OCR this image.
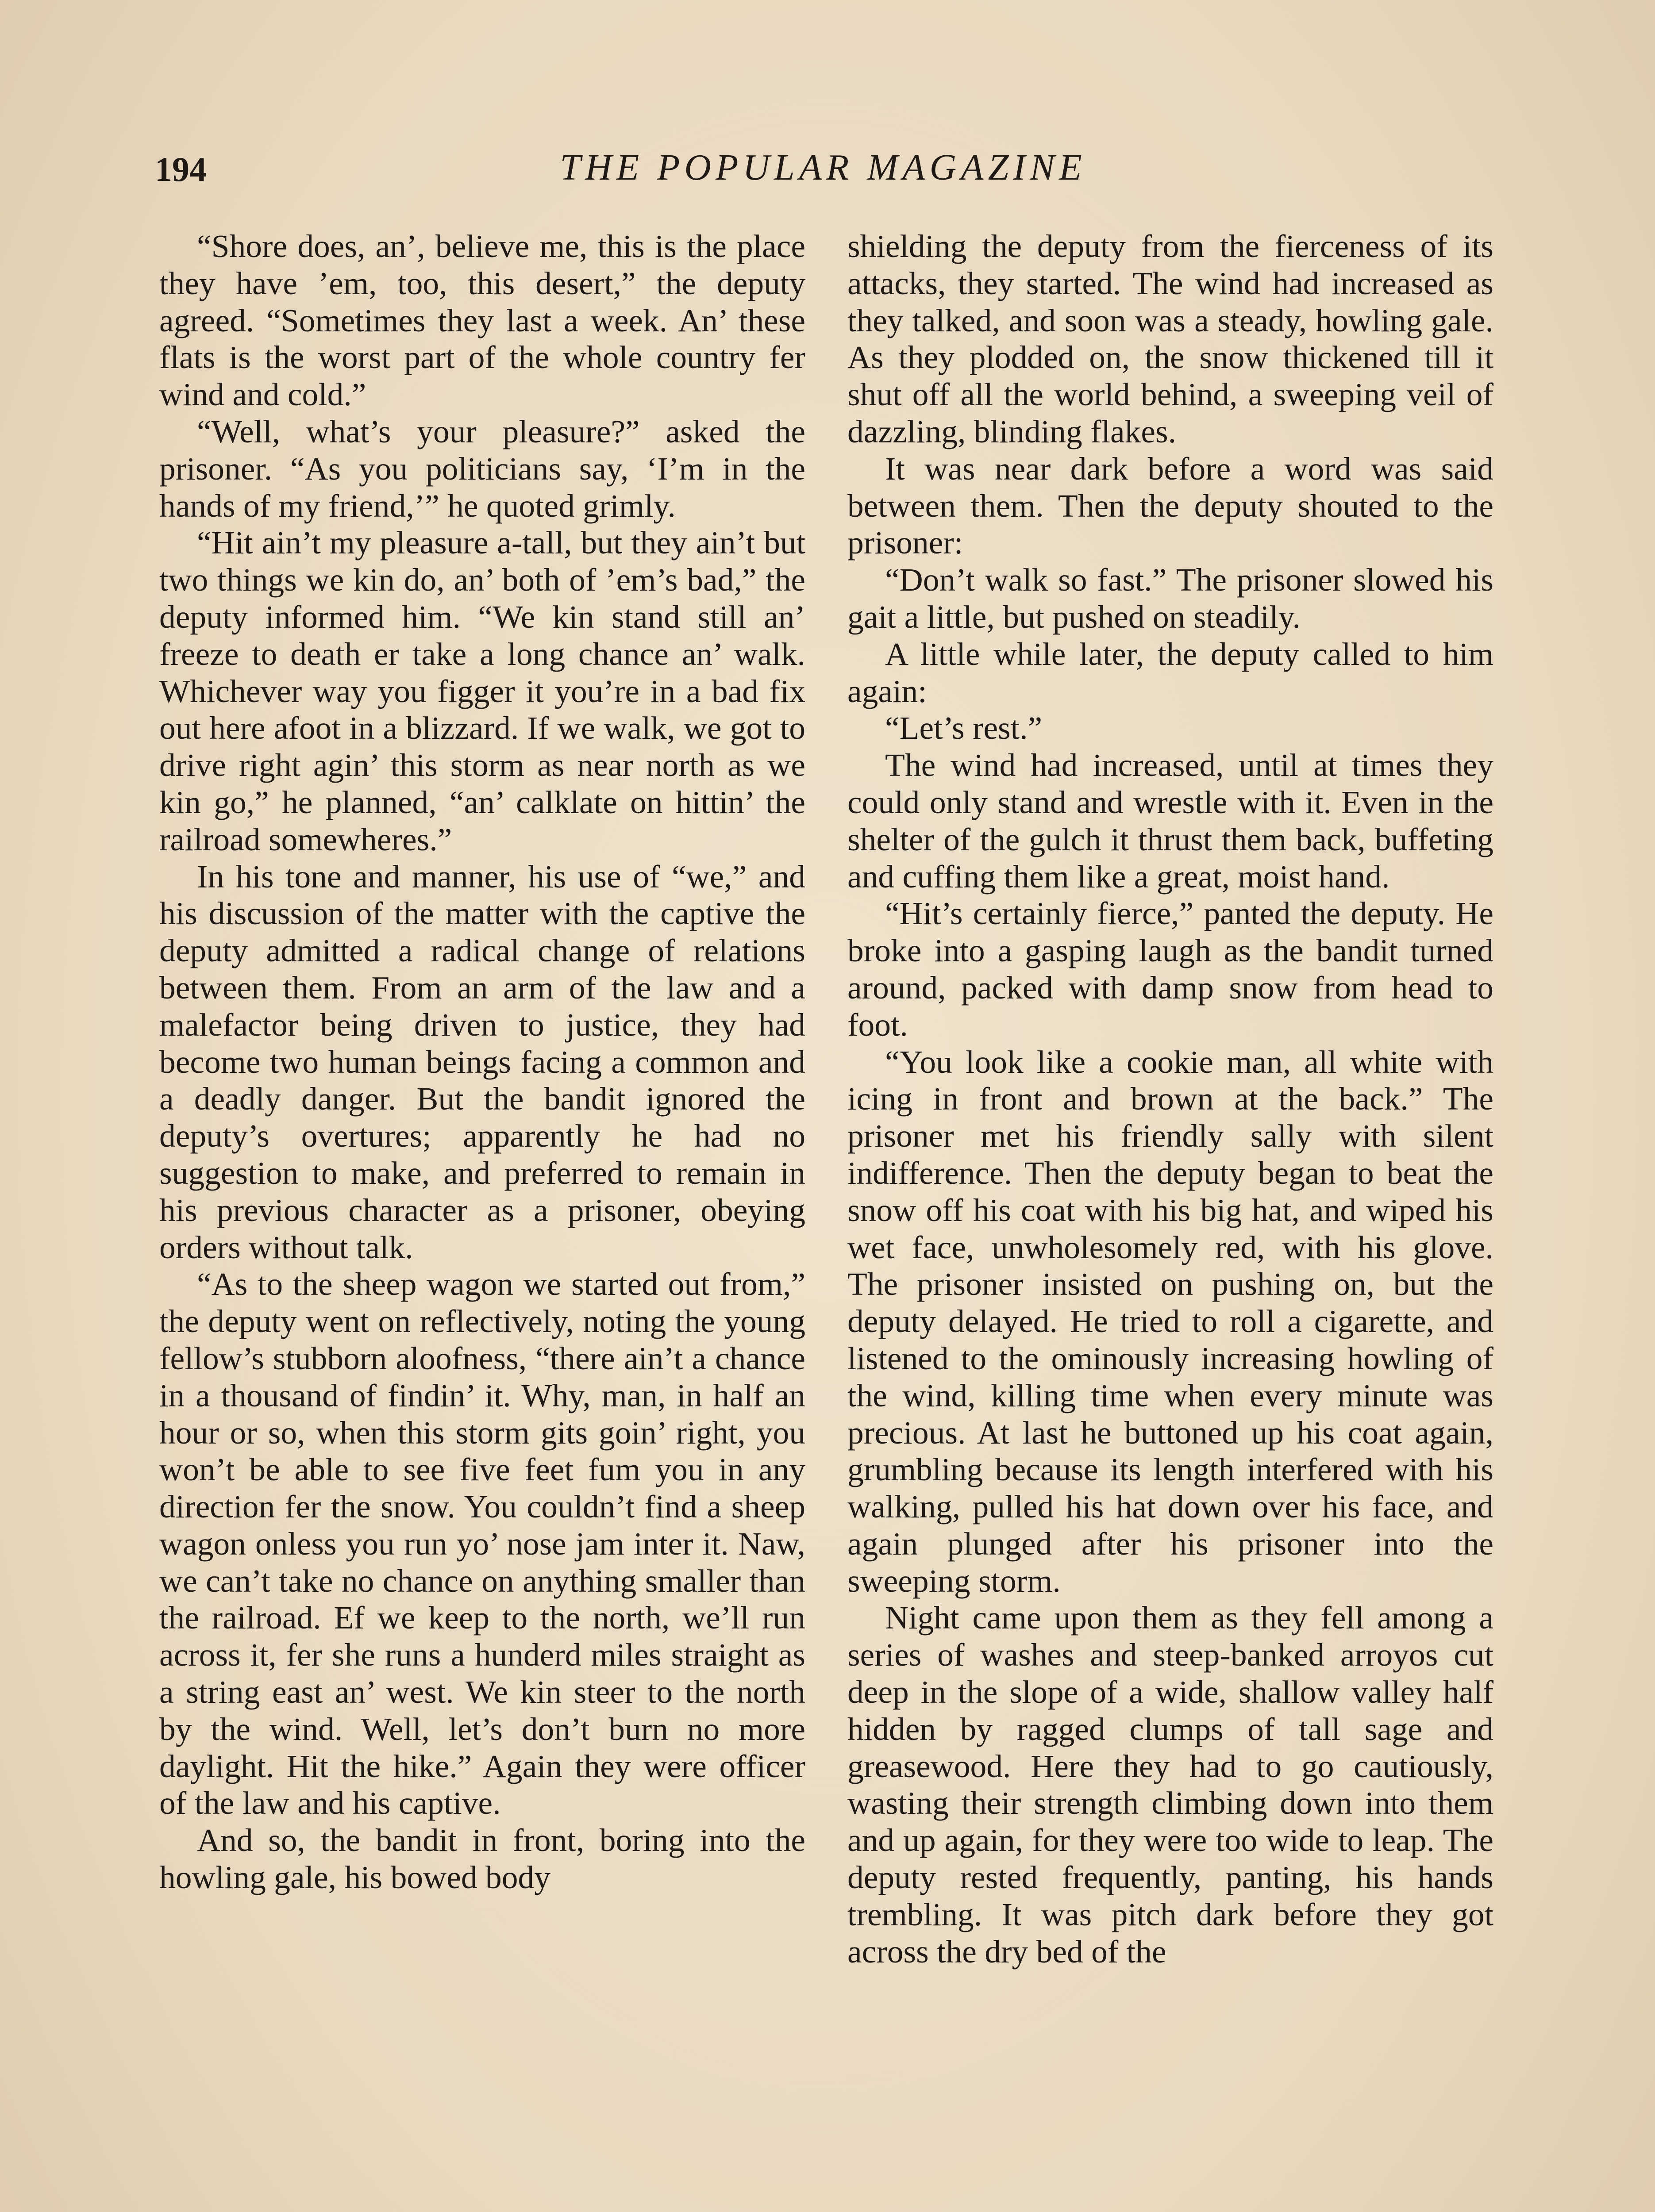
194	THE POPULAR MAGAZINE

“Shore does, an’, believe me, this is the place they have ’em, too, this desert,” the deputy agreed. “Sometimes they last a week. An’ these flats is the worst part of the whole country fer wind and cold.”

“Well, what’s your pleasure?” asked the prisoner. “As you politicians say, ‘I’m in the hands of my friend,’” he quoted grimly.

“Hit ain’t my pleasure a-tall, but they ain’t but two things we kin do, an’ both of ’em’s bad,” the deputy informed him. “We kin stand still an’ freeze to death er take a long chance an’ walk. Whichever way you figger it you’re in a bad fix out here afoot in a blizzard. If we walk, we got to drive right agin’ this storm as near north as we kin go,” he planned, “an’ calklate on hittin’ the railroad somewheres.”

In his tone and manner, his use of “we,” and his discussion of the matter with the captive the deputy admitted a radical change of relations between them. From an arm of the law and a malefactor being driven to justice, they had become two human beings facing a common and a deadly danger. But the bandit ignored the deputy’s overtures; apparently he had no suggestion to make, and preferred to remain in his previous character as a prisoner, obeying orders without talk.

“As to the sheep wagon we started out from,” the deputy went on reflectively, noting the young fellow’s stubborn aloofness, “there ain’t a chance in a thousand of findin’ it. Why, man, in half an hour or so, when this storm gits goin’ right, you won’t be able to see five feet fum you in any direction fer the snow. You couldn’t find a sheep wagon onless you run yo’ nose jam inter it. Naw, we can’t take no chance on anything smaller than the railroad. Ef we keep to the north, we’ll run across it, fer she runs a hunderd miles straight as a string east an’ west. We kin steer to the north by the wind. Well, let’s don’t burn no more daylight. Hit the hike.” Again they were officer of the law and his captive.

And so, the bandit in front, boring into the howling gale, his bowed body

shielding the deputy from the fierceness of its attacks, they started. The wind had increased as they talked, and soon was a steady, howling gale. As they plodded on, the snow thickened till it shut off all the world behind, a sweeping veil of dazzling, blinding flakes.

It was near dark before a word was said between them. Then the deputy shouted to the prisoner:

“Don’t walk so fast.” The prisoner slowed his gait a little, but pushed on steadily.

A little while later, the deputy called to him again:

“Let’s rest.”

The wind had increased, until at times they could only stand and wrestle with it. Even in the shelter of the gulch it thrust them back, buffeting and cuffing them like a great, moist hand.

“Hit’s certainly fierce,” panted the deputy. He broke into a gasping laugh as the bandit turned around, packed with damp snow from head to foot.

“You look like a cookie man, all white with icing in front and brown at the back.” The prisoner met his friendly sally with silent indifference. Then the deputy began to beat the snow off his coat with his big hat, and wiped his wet face, unwholesomely red, with his glove. The prisoner insisted on pushing on, but the deputy delayed. He tried to roll a cigarette, and listened to the ominously increasing howling of the wind, killing time when every minute was precious. At last he buttoned up his coat again, grumbling because its length interfered with his walking, pulled his hat down over his face, and again plunged after his prisoner into the sweeping storm.

Night came upon them as they fell among a series of washes and steep-banked arroyos cut deep in the slope of a wide, shallow valley half hidden by ragged clumps of tall sage and greasewood. Here they had to go cautiously, wasting their strength climbing down into them and up again, for they were too wide to leap. The deputy rested frequently, panting, his hands trembling. It was pitch dark before they got across the dry bed of the
